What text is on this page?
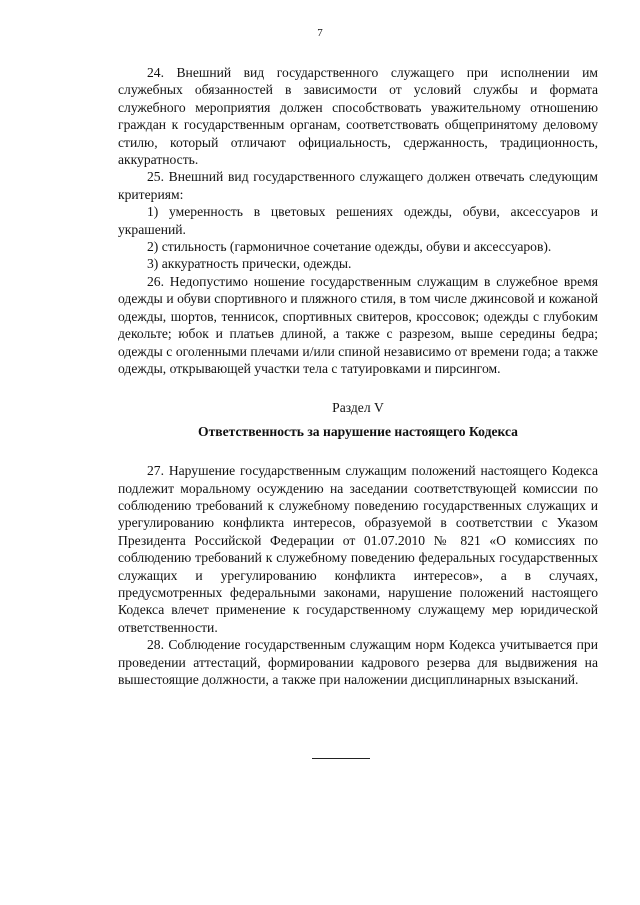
7

24. Внешний вид государственного служащего при исполнении им служебных обязанностей в зависимости от условий службы и формата служебного мероприятия должен способствовать уважительному отношению граждан к государственным органам, соответствовать общепринятому деловому стилю, который отличают официальность, сдержанность, традиционность, аккуратность.

25. Внешний вид государственного служащего должен отвечать следующим критериям:

1) умеренность в цветовых решениях одежды, обуви, аксессуаров и украшений.

2) стильность (гармоничное сочетание одежды, обуви и аксессуаров).

3) аккуратность прически, одежды.

26. Недопустимо ношение государственным служащим в служебное время одежды и обуви спортивного и пляжного стиля, в том числе джинсовой и кожаной одежды, шортов, теннисок, спортивных свитеров, кроссовок; одежды с глубоким декольте; юбок и платьев длиной, а также с разрезом, выше середины бедра; одежды с оголенными плечами и/или спиной независимо от времени года; а также одежды, открывающей участки тела с татуировками и пирсингом.

Раздел V
Ответственность за нарушение настоящего Кодекса

27. Нарушение государственным служащим положений настоящего Кодекса подлежит моральному осуждению на заседании соответствующей комиссии по соблюдению требований к служебному поведению государственных служащих и урегулированию конфликта интересов, образуемой в соответствии с Указом Президента Российской Федерации от 01.07.2010 № 821 «О комиссиях по соблюдению требований к служебному поведению федеральных государственных служащих и урегулированию конфликта интересов», а в случаях, предусмотренных федеральными законами, нарушение положений настоящего Кодекса влечет применение к государственному служащему мер юридической ответственности.

28. Соблюдение государственным служащим норм Кодекса учитывается при проведении аттестаций, формировании кадрового резерва для выдвижения на вышестоящие должности, а также при наложении дисциплинарных взысканий.
